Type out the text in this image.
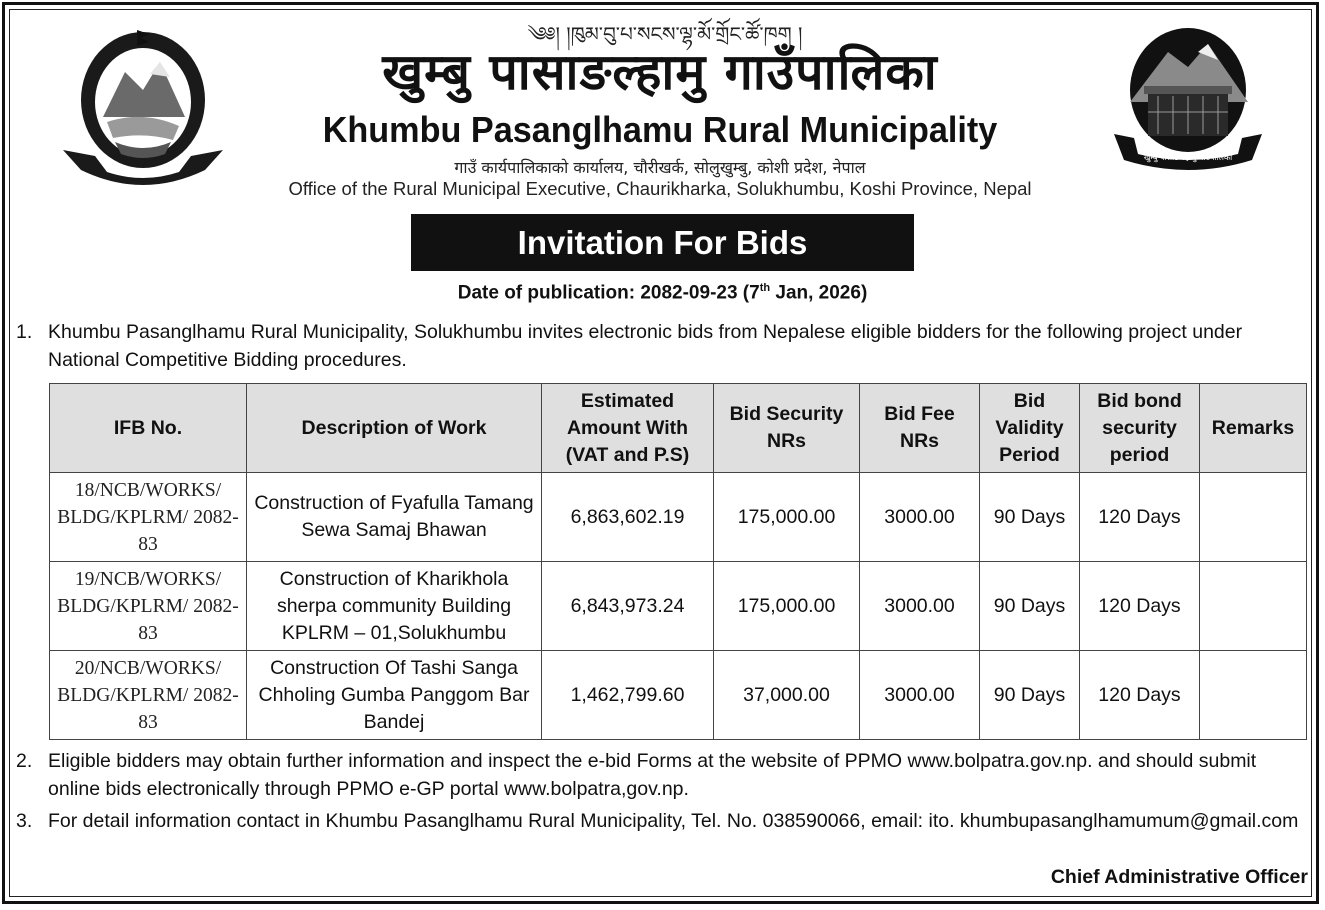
नेपाल सरकार
खुम्बु पासाङ ल्हामु गाउँपालिका
༄༅། །ཁུམ་བུ་པ་སངས་ལྷ་མོ་གྲོང་ཚོ་ཁག །
खुम्बु पासाङल्हामु गाउँपालिका
Khumbu Pasanglhamu Rural Municipality
गाउँ कार्यपालिकाको कार्यालय, चौरीखर्क, सोलुखुम्बु, कोशी प्रदेश, नेपाल
Office of the Rural Municipal Executive, Chaurikharka, Solukhumbu, Koshi Province, Nepal
Invitation For Bids
Date of publication: 2082-09-23 (7th Jan, 2026)
1. Khumbu Pasanglhamu Rural Municipality, Solukhumbu invites electronic bids from Nepalese eligible bidders for the following project under National Competitive Bidding procedures.
IFB No.	Description of Work	Estimated Amount With (VAT and P.S)	Bid Security NRs	Bid Fee NRs	Bid Validity Period	Bid bond security period	Remarks
18/NCB/WORKS/ BLDG/KPLRM/ 2082-83	Construction of Fyafulla Tamang Sewa Samaj Bhawan	6,863,602.19	175,000.00	3000.00	90 Days	120 Days	
19/NCB/WORKS/ BLDG/KPLRM/ 2082-83	Construction of Kharikhola sherpa community Building KPLRM – 01,Solukhumbu	6,843,973.24	175,000.00	3000.00	90 Days	120 Days	
20/NCB/WORKS/ BLDG/KPLRM/ 2082-83	Construction Of Tashi Sanga Chholing Gumba Panggom Bar Bandej	1,462,799.60	37,000.00	3000.00	90 Days	120 Days	
2. Eligible bidders may obtain further information and inspect the e-bid Forms at the website of PPMO www.bolpatra.gov.np. and should submit online bids electronically through PPMO e-GP portal www.bolpatra,gov.np.
3. For detail information contact in Khumbu Pasanglhamu Rural Municipality, Tel. No. 038590066, email: ito. khumbupasanglhamumum@gmail.com
Chief Administrative Officer
